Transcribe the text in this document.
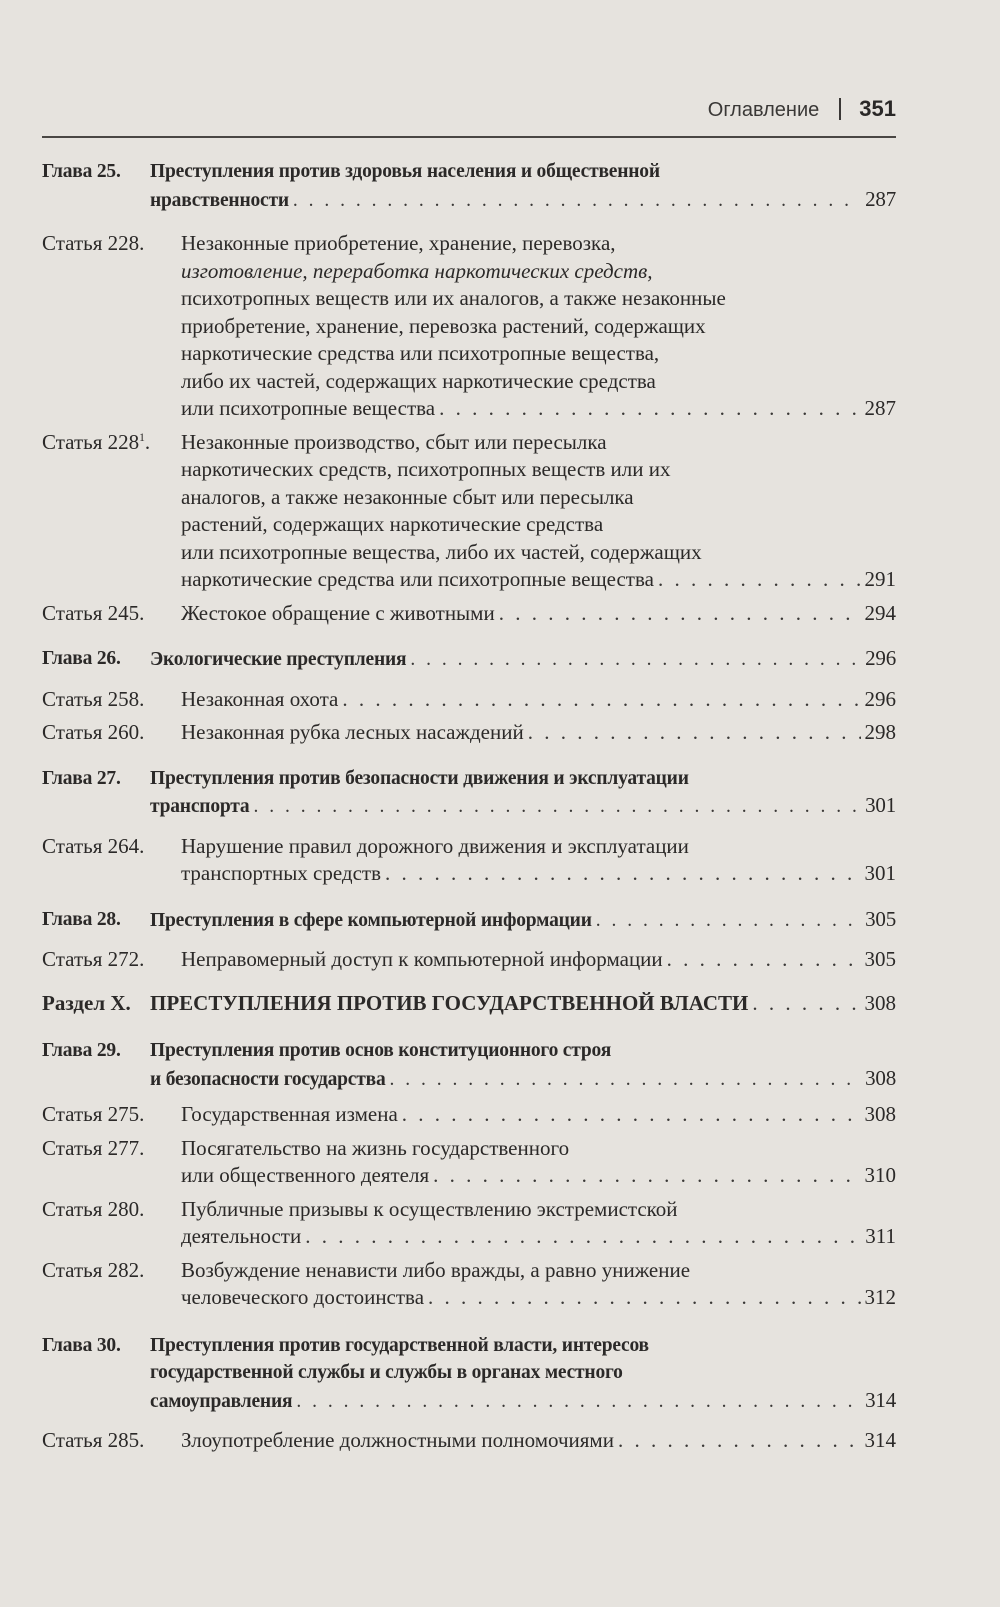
Оглавление 351
Глава 25.	Преступления против здоровья населения и общественной
нравственности . . .	287
Статья 228.	Незаконные приобретение, хранение, перевозка,
изготовление, переработка наркотических средств,
психотропных веществ или их аналогов, а также незаконные
приобретение, хранение, перевозка растений, содержащих
наркотические средства или психотропные вещества,
либо их частей, содержащих наркотические средства
или психотропные вещества . . .	287
Статья $228^1$.	Незаконные производство, сбыт или пересылка
наркотических средств, психотропных веществ или их
аналогов, а также незаконные сбыт или пересылка
растений, содержащих наркотические средства
или психотропные вещества, либо их частей, содержащих
наркотические средства или психотропные вещества . . .	291
Статья 245.	Жестокое обращение с животными . . .	294
Глава 26.	Экологические преступления . . .	296
Статья 258.	Незаконная охота . . .	296
Статья 260.	Незаконная рубка лесных насаждений . . .	298
Глава 27.	Преступления против безопасности движения и эксплуатации
транспорта . . .	301
Статья 264.	Нарушение правил дорожного движения и эксплуатации
транспортных средств . . .	301
Глава 28.	Преступления в сфере компьютерной информации . . .	305
Статья 272.	Неправомерный доступ к компьютерной информации . . .	305
Раздел X. ПРЕСТУПЛЕНИЯ ПРОТИВ ГОСУДАРСТВЕННОЙ ВЛАСТИ . . .	308
Глава 29.	Преступления против основ конституционного строя
и безопасности государства . . .	308
Статья 275.	Государственная измена . . .	308
Статья 277.	Посягательство на жизнь государственного
или общественного деятеля . . .	310
Статья 280.	Публичные призывы к осуществлению экстремистской
деятельности . . .	311
Статья 282.	Возбуждение ненависти либо вражды, а равно унижение
человеческого достоинства . . .	312
Глава 30.	Преступления против государственной власти, интересов
государственной службы и службы в органах местного
самоуправления . . .	314
Статья 285.	Злоупотребление должностными полномочиями . . .	314
